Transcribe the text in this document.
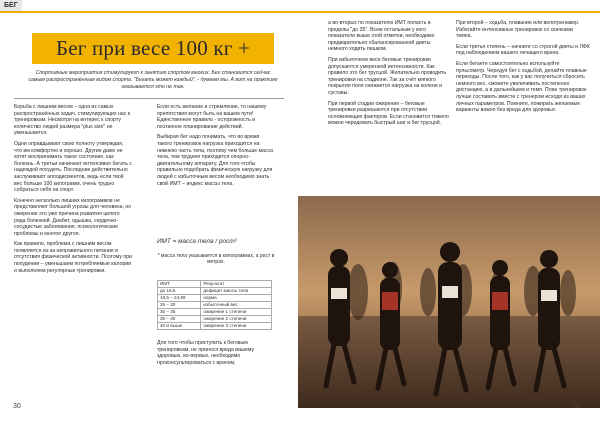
БЕГ
Бег при весе 100 кг +
Спортивные мероприятия стимулируют к занятию спортом многих. Бег становится сейчас самым распространённым видом спорта. "Бегать может каждый", - думаем мы. А вот на практике оказывается это не так.

Борьба с лишним весом – одна из самых распространённых задач, стимулирующих нас к тренировкам. Несмотря на интерес к спорту количество людей размера "plus size" не уменьшается.

Одни оправдывают свою полноту утверждая, что им комфортно и хорошо. Другие даже не хотят воспринимать такое состояние, как болезнь. А третьи начинают интенсивно бегать с надеждой похудеть. Последние действительно заслуживают аплодисментов, ведь если твой вес больше 100 килограмм, очень трудно собраться себя на спорт.

Конечно несколько лишних килограммов не представляют большой угрозы для человека, но ожирение это уже причина развития целого ряда болезней. Диабет, одышка, сердечно-сосудистые заболевания, психологические проблемы и многое другое.

Как правило, проблема с лишним весом появляется из-за неправильного питания и отсутствия физической активности. Поэтому при похудении – уменьшаем потребляемые калории и выполняем регулярные тренировки.

Если есть желание и стремление, то нашему препятствия могут быть на вашем пути! Единственное правило - осторожность и поэтапное планирование действий.

Выбирая бег надо понимать, что во время такого тренировок нагрузка приходится на нижнюю часть тела, поэтому чем больше масса тела, тем труднее приходится опорно-двигательному аппарату. Для того чтобы правильно подобрать физическую нагрузку для людей с избыточным весом необходимо знать свой ИМТ – индекс массы тела.

ИМТ = масса тела / рост²
* масса тела указывается в килограммах, а рост в метрах.
ИМТ	Результат
до 18,5	дефицит массы тела
18,5 – 24,99	норма
25 – 30	избыточный вес
30 – 35	ожирение 1 степени
35 – 40	ожирение 2 степени
40 и выше	ожирение 3 степени

Для того чтобы приступить к беговым тренировкам, не принося вреда вашему здоровью, во-первых, необходимо проконсультироваться с врачом,

а во-вторых по показателю ИМТ попасть в пределы "до 35". Всем остальным у кого показатели выше этой отметки, необходимо предварительно сбалансированной диеты немного ходить пешком.

При избыточном весе беговые тренировки допускаются умеренной интенсивности. Как правило это бег трусцой. Желательно проводить тренировки на стадионе. Так за счёт мягкого покрытия поля снижается нагрузка на колени и суставы.

При первой стадии ожирения – беговые тренировки разрешаются при отсутствии осложняющих факторов. Если становится тяжело можно чередовать быстрый шаг и бег трусцой.

При второй – ходьба, плавание или велотренажер. Избегайте интенсивных тренировок со скачками темпа.

Если третья степень – начните со строгой диеты и ЛФК под наблюдением вашего лечащего врача.

Если бегаете самостоятельно используйте пульсометр. Чередуя бег с ходьбой, делайте плавные переходы. После того, как у вас получиться сбросить немного вес, сможете увеличивать постепенно дистанцию, а в дальнейшем и темп. План тренировок лучше составить вместе с тренером исходя из ваших личных параметров. Помните, пожирать желаемые варианты важно без вреда для здоровья.

30	31
